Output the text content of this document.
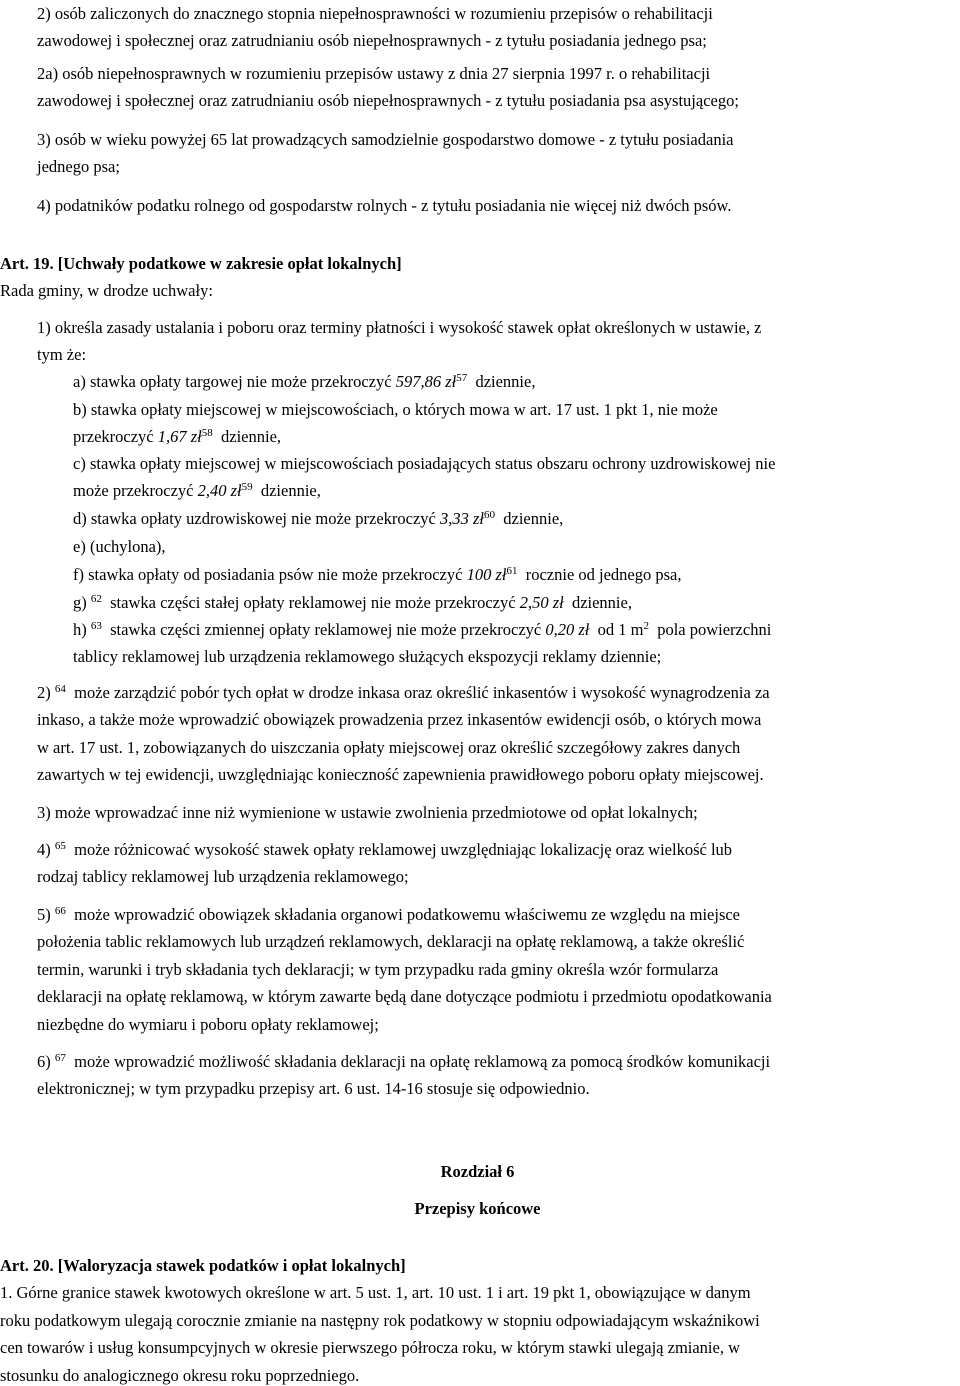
2) osób zaliczonych do znacznego stopnia niepełnosprawności w rozumieniu przepisów o rehabilitacji

zawodowej i społecznej oraz zatrudnianiu osób niepełnosprawnych - z tytułu posiadania jednego psa;

2a) osób niepełnosprawnych w rozumieniu przepisów ustawy z dnia 27 sierpnia 1997 r. o rehabilitacji

zawodowej i społecznej oraz zatrudnianiu osób niepełnosprawnych - z tytułu posiadania psa asystującego;

3) osób w wieku powyżej 65 lat prowadzących samodzielnie gospodarstwo domowe - z tytułu posiadania

jednego psa;

4) podatników podatku rolnego od gospodarstw rolnych - z tytułu posiadania nie więcej niż dwóch psów.

Art. 19. [Uchwały podatkowe w zakresie opłat lokalnych]

Rada gminy, w drodze uchwały:

1) określa zasady ustalania i poboru oraz terminy płatności i wysokość stawek opłat określonych w ustawie, z

tym że:

a) stawka opłaty targowej nie może przekroczyć 597,86 $zł^{57}$  dziennie,

b) stawka opłaty miejscowej w miejscowościach, o których mowa w art. 17 ust. 1 pkt 1, nie może

przekroczyć 1,67 $zł^{58}$  dziennie,

c) stawka opłaty miejscowej w miejscowościach posiadających status obszaru ochrony uzdrowiskowej nie

może przekroczyć 2,40 $zł^{59}$  dziennie,

d) stawka opłaty uzdrowiskowej nie może przekroczyć 3,33 $zł^{60}$  dziennie,

e) (uchylona),

f) stawka opłaty od posiadania psów nie może przekroczyć 100 $zł^{61}$  rocznie od jednego psa,

g) $^{62}$  stawka części stałej opłaty reklamowej nie może przekroczyć 2,50 zł  dziennie,

h) $^{63}$  stawka części zmiennej opłaty reklamowej nie może przekroczyć 0,20 zł  od 1 $m^2$  pola powierzchni

tablicy reklamowej lub urządzenia reklamowego służących ekspozycji reklamy dziennie;

2) $^{64}$  może zarządzić pobór tych opłat w drodze inkasa oraz określić inkasentów i wysokość wynagrodzenia za

inkaso, a także może wprowadzić obowiązek prowadzenia przez inkasentów ewidencji osób, o których mowa

w art. 17 ust. 1, zobowiązanych do uiszczania opłaty miejscowej oraz określić szczegółowy zakres danych

zawartych w tej ewidencji, uwzględniając konieczność zapewnienia prawidłowego poboru opłaty miejscowej.

3) może wprowadzać inne niż wymienione w ustawie zwolnienia przedmiotowe od opłat lokalnych;

4) $^{65}$  może różnicować wysokość stawek opłaty reklamowej uwzględniając lokalizację oraz wielkość lub

rodzaj tablicy reklamowej lub urządzenia reklamowego;

5) $^{66}$  może wprowadzić obowiązek składania organowi podatkowemu właściwemu ze względu na miejsce

położenia tablic reklamowych lub urządzeń reklamowych, deklaracji na opłatę reklamową, a także określić

termin, warunki i tryb składania tych deklaracji; w tym przypadku rada gminy określa wzór formularza

deklaracji na opłatę reklamową, w którym zawarte będą dane dotyczące podmiotu i przedmiotu opodatkowania

niezbędne do wymiaru i poboru opłaty reklamowej;

6) $^{67}$  może wprowadzić możliwość składania deklaracji na opłatę reklamową za pomocą środków komunikacji

elektronicznej; w tym przypadku przepisy art. 6 ust. 14-16 stosuje się odpowiednio.

Rozdział 6

Przepisy końcowe

Art. 20. [Waloryzacja stawek podatków i opłat lokalnych]

1. Górne granice stawek kwotowych określone w art. 5 ust. 1, art. 10 ust. 1 i art. 19 pkt 1, obowiązujące w danym

roku podatkowym ulegają corocznie zmianie na następny rok podatkowy w stopniu odpowiadającym wskaźnikowi

cen towarów i usług konsumpcyjnych w okresie pierwszego półrocza roku, w którym stawki ulegają zmianie, w

stosunku do analogicznego okresu roku poprzedniego.
